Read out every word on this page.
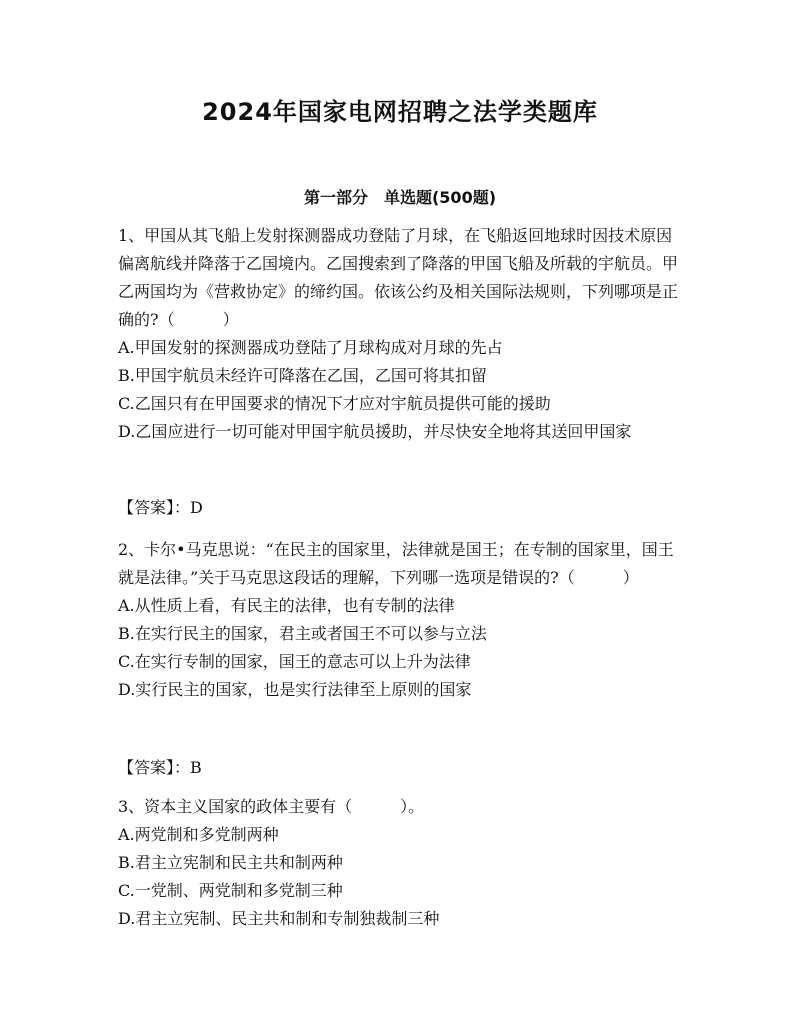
2024年国家电网招聘之法学类题库
第一部分　单选题(500题)

1、甲国从其飞船上发射探测器成功登陆了月球，在飞船返回地球时因技术原因偏离航线并降落于乙国境内。乙国搜索到了降落的甲国飞船及所载的宇航员。甲乙两国均为《营救协定》的缔约国。依该公约及相关国际法规则，下列哪项是正确的?（　　　）

A.甲国发射的探测器成功登陆了月球构成对月球的先占

B.甲国宇航员未经许可降落在乙国，乙国可将其扣留

C.乙国只有在甲国要求的情况下才应对宇航员提供可能的援助

D.乙国应进行一切可能对甲国宇航员援助，并尽快安全地将其送回甲国家

【答案】：D

2、卡尔•马克思说：“在民主的国家里，法律就是国王；在专制的国家里，国王就是法律。”关于马克思这段话的理解，下列哪一选项是错误的?（　　　）

A.从性质上看，有民主的法律，也有专制的法律

B.在实行民主的国家，君主或者国王不可以参与立法

C.在实行专制的国家，国王的意志可以上升为法律

D.实行民主的国家，也是实行法律至上原则的国家

【答案】：B

3、资本主义国家的政体主要有（　　　）。

A.两党制和多党制两种

B.君主立宪制和民主共和制两种

C.一党制、两党制和多党制三种

D.君主立宪制、民主共和制和专制独裁制三种
